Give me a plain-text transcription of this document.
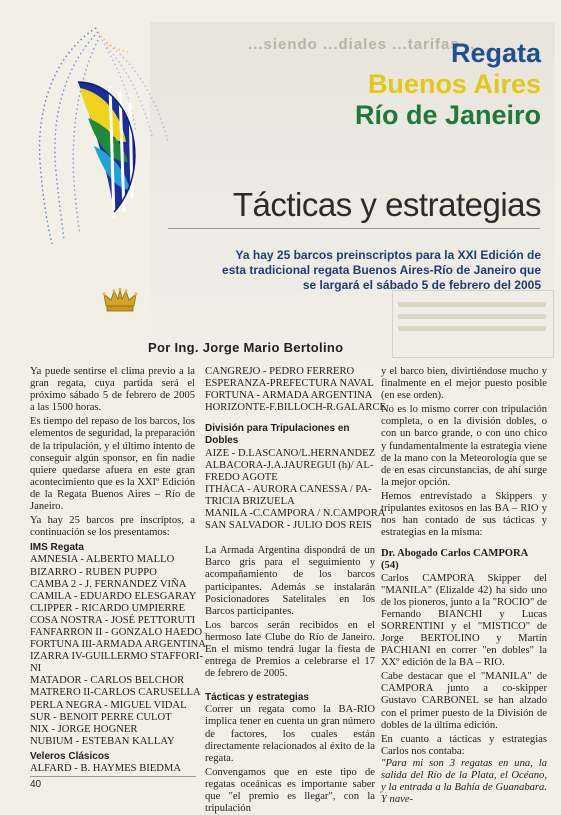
...siendo ...diales ...tarifas ...
Regata
Buenos Aires
Río de Janeiro
Tácticas y estrategias
Ya hay 25 barcos preinscriptos para la XXI Edición de esta tradicional regata Buenos Aires-Río de Janeiro que se largará el sábado 5 de febrero del 2005
Por Ing. Jorge Mario Bertolino

Ya puede sentirse el clima previo a la gran regata, cuya partida será el próximo sábado 5 de febrero de 2005 a las 1500 horas.

Es tiempo del repaso de los barcos, los elementos de seguridad, la preparación de la tripulación, y el último intento de conseguir algún sponsor, en fin nadie quiere quedarse afuera en este gran acontecimiento que es la XXIº Edición de la Regata Buenos Aires – Río de Janeiro.

Ya hay 25 barcos pre inscriptos, a continuación se los presentamos:

IMS Regata

AMNESIA - ALBERTO MALLO

BIZARRO - RUBEN PUPPO

CAMBA 2 - J. FERNANDEZ VIÑA

CAMILA - EDUARDO ELESGARAY

CLIPPER - RICARDO UMPIERRE

COSA NOSTRA - JOSÉ PETTORUTI

FANFARRON II - GONZALO HAEDO

FORTUNA III-ARMADA ARGENTINA

IZARRA IV-GUILLERMO STAFFORI-

NI

MATADOR - CARLOS BELCHOR

MATRERO II-CARLOS CARUSELLA

PERLA NEGRA - MIGUEL VIDAL

SUR - BENOIT PERRE CULOT

NIX - JORGE HOGNER

NUBIUM - ESTEBAN KALLAY

Veleros Clásicos

ALFARD - B. HAYMES BIEDMA

40

CANGREJO - PEDRO FERRERO

ESPERANZA-PREFECTURA NAVAL

FORTUNA - ARMADA ARGENTINA

HORIZONTE-F.BILLOCH-R.GALARCE

División para Tripulaciones en Dobles

AIZE - D.LASCANO/L.HERNANDEZ

ALBACORA-J.A.JAUREGUI (h)/ AL-

FREDO AGOTE

ITHACA - AURORA CANESSA / PA-

TRICIA BRIZUELA

MANILA -C.CAMPORA / N.CAMPORA

SAN SALVADOR - JULIO DOS REIS

La Armada Argentina dispondrá de un Barco gris para el seguimiento y acompañamiento de los barcos participantes. Además se instalarán Posicionadores Satelitales en los Barcos participantes.

Los barcos serán recibidos en el hermoso Iate Clube do Río de Janeiro. En el mismo tendrá lugar la fiesta de entrega de Premios a celebrarse el 17 de febrero de 2005.

Tácticas y estrategias

Correr un regata como la BA-RIO implica tener en cuenta un gran número de factores, los cuales están directamente relacionados al éxito de la regata.

Convengamos que en este tipo de regatas oceánicas es importante saber que "el premio es llegar", con la tripulación

y el barco bien, divirtiéndose mucho y finalmente en el mejor puesto posible (en ese orden).

No es lo mismo correr con tripulación completa, o en la división dobles, o con un barco grande, o con uno chico y fundamentalmente la estrategia viene de la mano con la Meteorología que se de en esas circunstancias, de ahí surge la mejor opción.

Hemos entrevistado a Skippers y tripulantes exitosos en las BA – RIO y nos han contado de sus tácticas y estrategias en la misma:

Dr. Abogado Carlos CAMPORA (54)

Carlos CAMPORA Skipper del "MANILA" (Elizalde 42) ha sido uno de los pioneros, junto a la "ROCIO" de Fernando BIANCHI y Lucas SORRENTINI y el "MISTICO" de Jorge BERTOLINO y Martín PACHIANI en correr "en dobles" la XXº edición de la BA – RIO.

Cabe destacar que el "MANILA" de CAMPORA junto a co-skipper Gustavo CARBONEL se han alzado con el primer puesto de la División de dobles de la última edición.

En cuanto a tácticas y estrategias Carlos nos contaba:

"Para mi son 3 regatas en una, la salida del Río de la Plata, el Océano, y la entrada a la Bahía de Guanabara. Y nave-
